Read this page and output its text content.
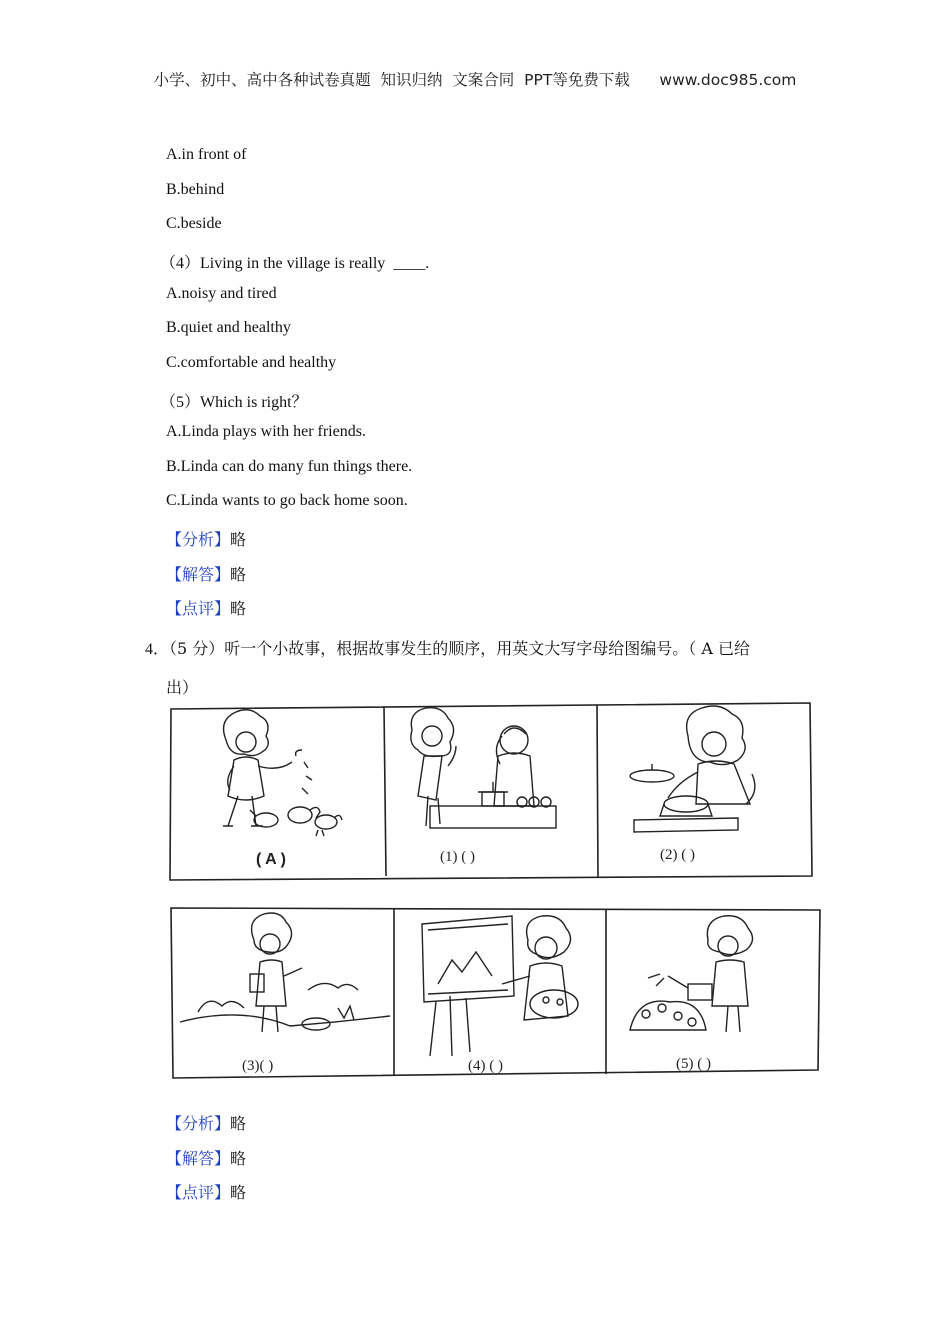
小学、初中、高中各种试卷真题  知识归纳  文案合同  PPT等免费下载 www.doc985.com
A.in front of
B.behind
C.beside
（4）Living in the village is really  ____.
A.noisy and tired
B.quiet and healthy
C.comfortable and healthy
（5）Which is right？
A.Linda plays with her friends.
B.Linda can do many fun things there.
C.Linda wants to go back home soon.
【分析】略
【解答】略
【点评】略
4．（5 分）听一个小故事，根据故事发生的顺序，用英文大写字母给图编号。（ A 已给
出）
( A )	(1) ( )	(2) ( )
(3)( )	(4) ( )	(5) ( )
【分析】略
【解答】略
【点评】略
